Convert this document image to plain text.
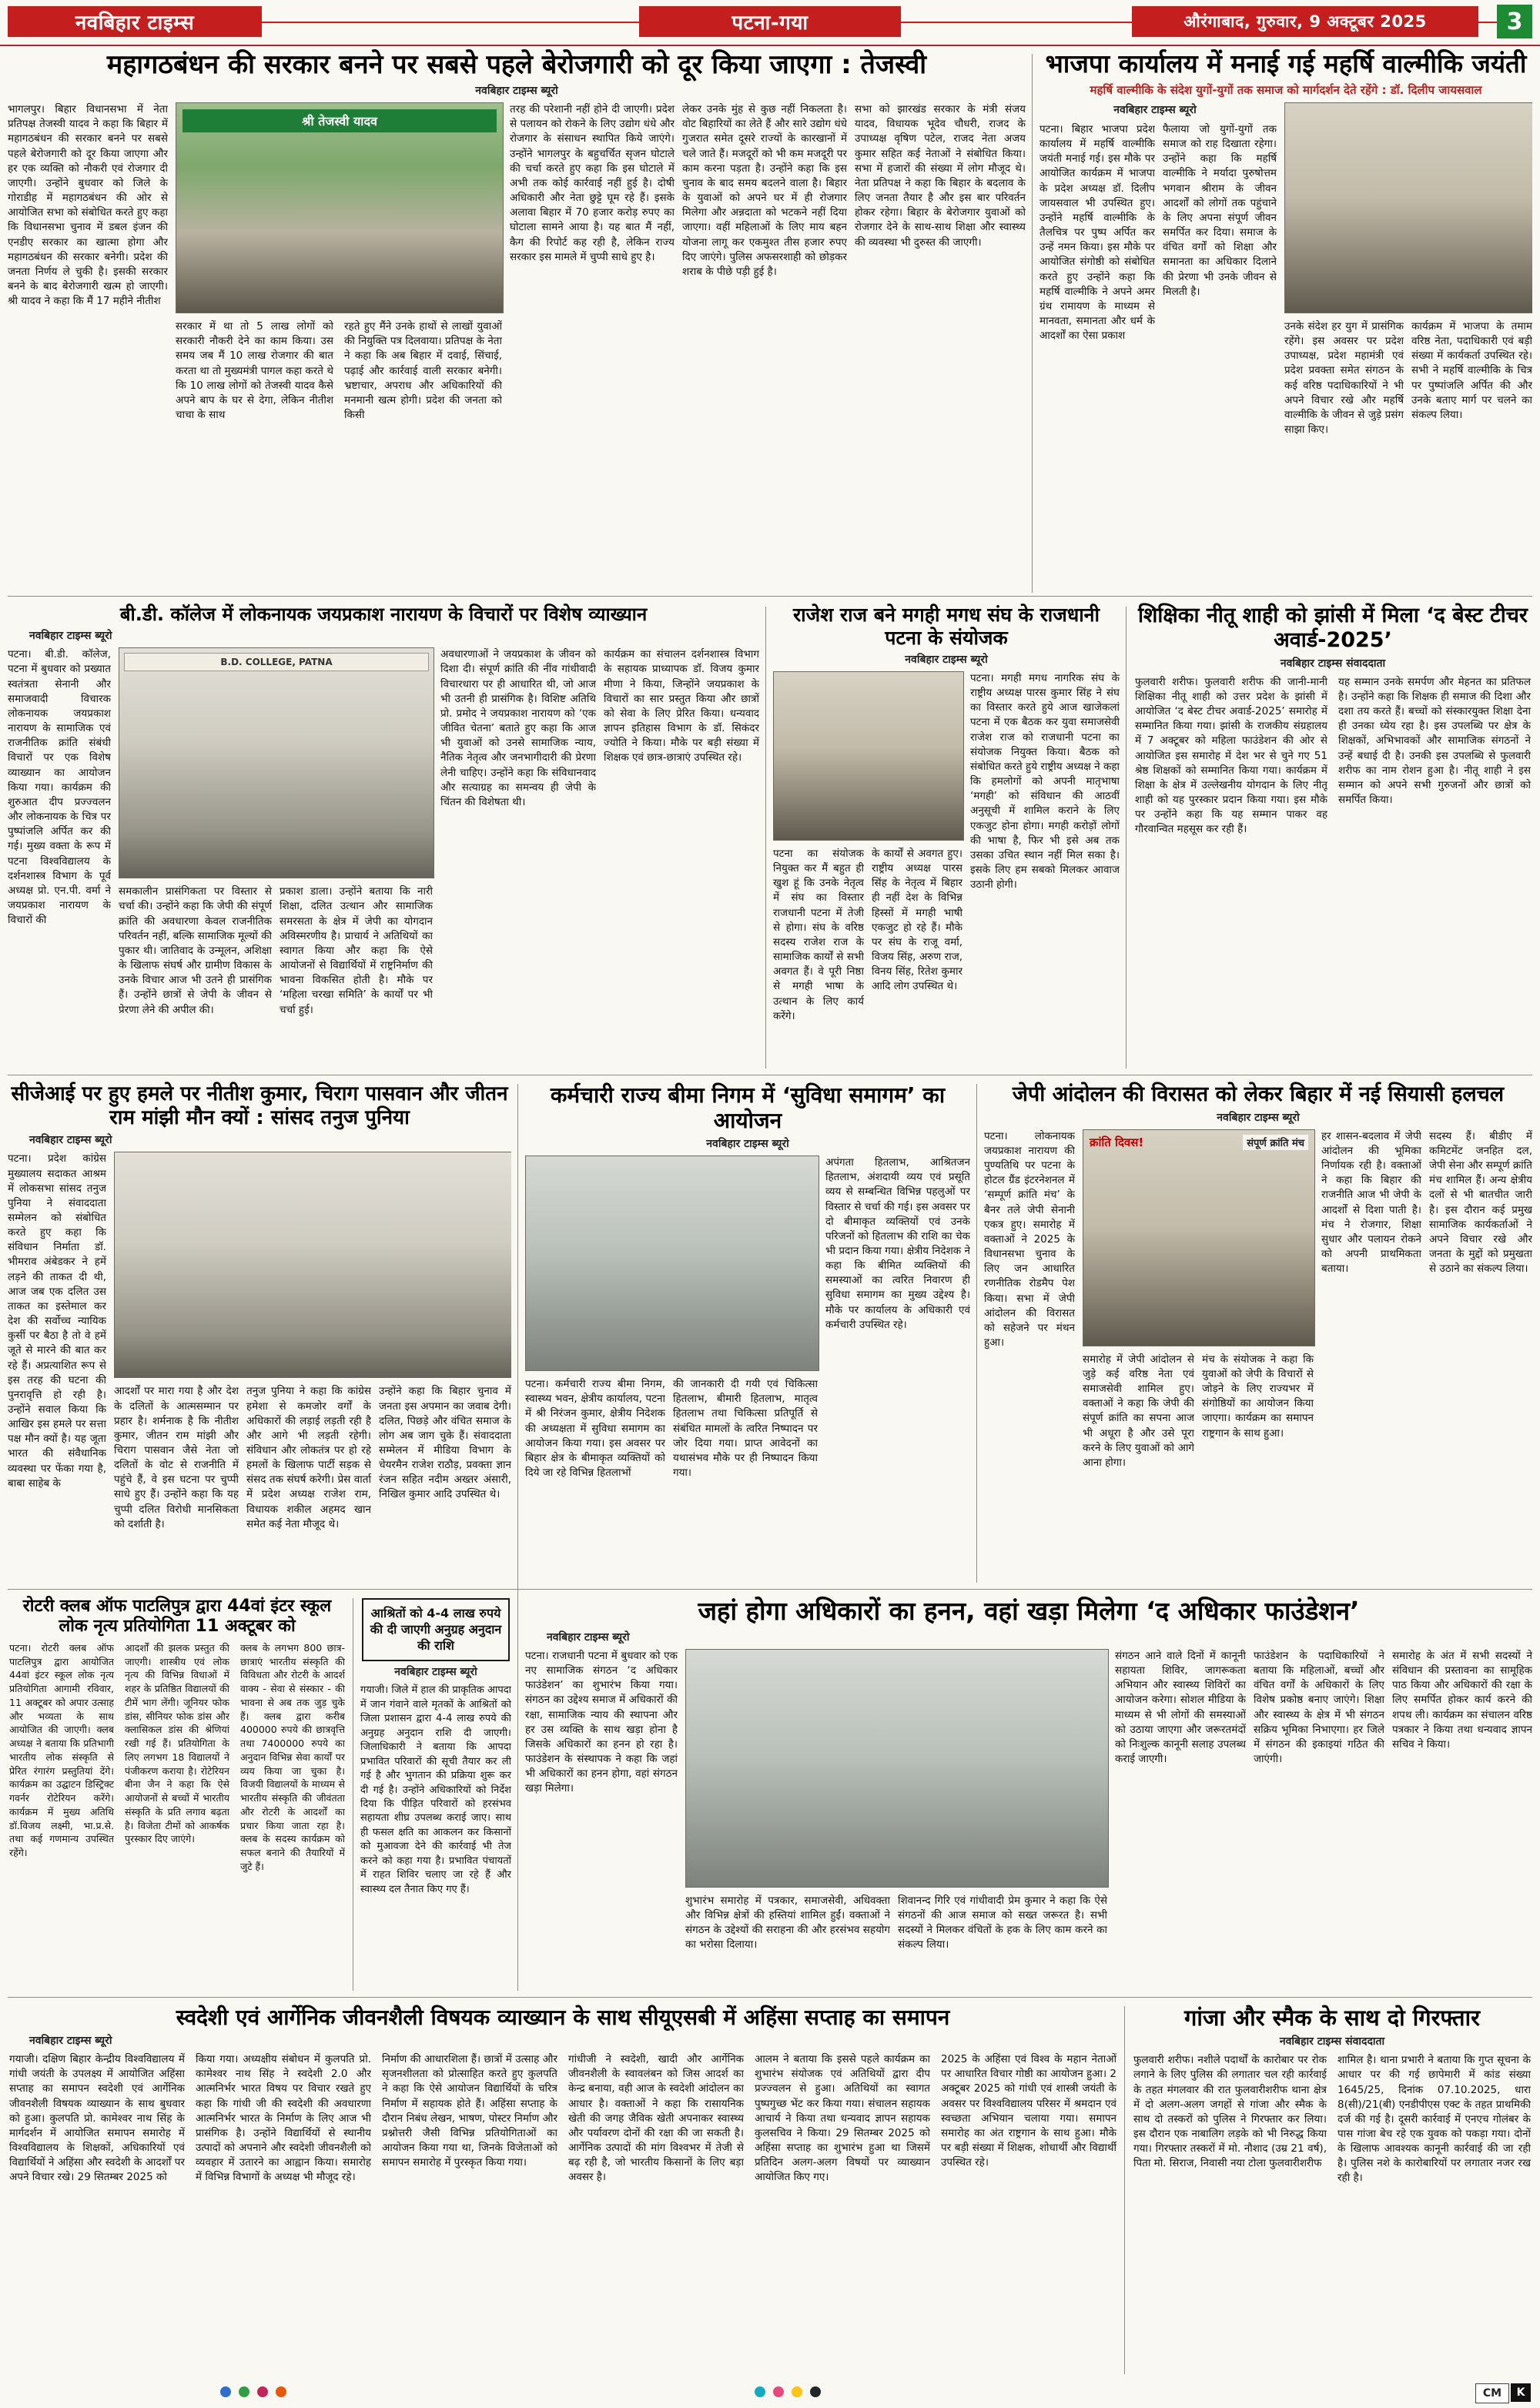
नवबिहार टाइम्स	पटना-गया	औरंगाबाद, गुरुवार, 9 अक्टूबर 2025	3
महागठबंधन की सरकार बनने पर सबसे पहले बेरोजगारी को दूर किया जाएगा : तेजस्वी
नवबिहार टाइम्स ब्यूरो
भागलपुर। बिहार विधानसभा में नेता प्रतिपक्ष तेजस्वी यादव ने कहा कि बिहार में महागठबंधन की सरकार बनने पर सबसे पहले बेरोजगारी को दूर किया जाएगा और हर एक व्यक्ति को नौकरी एवं रोजगार दी जाएगी। उन्होंने बुधवार को जिले के गोराडीह में महागठबंधन की ओर से आयोजित सभा को संबोधित करते हुए कहा कि विधानसभा चुनाव में डबल इंजन की एनडीए सरकार का खात्मा होगा और महागठबंधन की सरकार बनेगी। प्रदेश की जनता निर्णय ले चुकी है। इसकी सरकार बनने के बाद बेरोजगारी खत्म हो जाएगी। श्री यादव ने कहा कि मैं 17 महीने नीतीश
श्री तेजस्वी यादव
सरकार में था तो 5 लाख लोगों को सरकारी नौकरी देने का काम किया। उस समय जब मैं 10 लाख रोजगार की बात करता था तो मुख्यमंत्री पागल कहा करते थे कि 10 लाख लोगों को तेजस्वी यादव कैसे अपने बाप के घर से देगा, लेकिन नीतीश चाचा के साथ
रहते हुए मैंने उनके हाथों से लाखों युवाओं की नियुक्ति पत्र दिलवाया। प्रतिपक्ष के नेता ने कहा कि अब बिहार में दवाई, सिंचाई, पढ़ाई और कार्रवाई वाली सरकार बनेगी। भ्रष्टाचार, अपराध और अधिकारियों की मनमानी खत्म होगी। प्रदेश की जनता को किसी
तरह की परेशानी नहीं होने दी जाएगी। प्रदेश से पलायन को रोकने के लिए उद्योग धंधे और रोजगार के संसाधन स्थापित किये जाएंगे। उन्होंने भागलपुर के बहुचर्चित सृजन घोटाले की चर्चा करते हुए कहा कि इस घोटाले में अभी तक कोई कार्रवाई नहीं हुई है। दोषी अधिकारी और नेता छुट्टे घूम रहे हैं। इसके अलावा बिहार में 70 हजार करोड़ रुपए का घोटाला सामने आया है। यह बात मैं नहीं, कैग की रिपोर्ट कह रही है, लेकिन राज्य सरकार इस मामले में चुप्पी साधे हुए है।
लेकर उनके मुंह से कुछ नहीं निकलता है। वोट बिहारियों का लेते हैं और सारे उद्योग धंधे गुजरात समेत दूसरे राज्यों के कारखानों में चले जाते हैं। मजदूरों को भी कम मजदूरी पर काम करना पड़ता है। उन्होंने कहा कि इस चुनाव के बाद समय बदलने वाला है। बिहार के युवाओं को अपने घर में ही रोजगार मिलेगा और अन्नदाता को भटकने नहीं दिया जाएगा। वहीं महिलाओं के लिए माय बहन योजना लागू कर एकमुश्त तीस हजार रुपए दिए जाएंगे। पुलिस अफसरशाही को छोड़कर शराब के पीछे पड़ी हुई है।
सभा को झारखंड सरकार के मंत्री संजय यादव, विधायक भूदेव चौधरी, राजद के उपाध्यक्ष वृषिण पटेल, राजद नेता अजय कुमार सहित कई नेताओं ने संबोधित किया। सभा में हजारों की संख्या में लोग मौजूद थे। नेता प्रतिपक्ष ने कहा कि बिहार के बदलाव के लिए जनता तैयार है और इस बार परिवर्तन होकर रहेगा। बिहार के बेरोजगार युवाओं को रोजगार देने के साथ-साथ शिक्षा और स्वास्थ्य की व्यवस्था भी दुरुस्त की जाएगी।
भाजपा कार्यालय में मनाई गई महर्षि वाल्मीकि जयंती
महर्षि वाल्मीकि के संदेश युगों-युगों तक समाज को मार्गदर्शन देते रहेंगे : डॉ. दिलीप जायसवाल
नवबिहार टाइम्स ब्यूरो
पटना। बिहार भाजपा प्रदेश कार्यालय में महर्षि वाल्मीकि जयंती मनाई गई। इस मौके पर आयोजित कार्यक्रम में भाजपा के प्रदेश अध्यक्ष डॉ. दिलीप जायसवाल भी उपस्थित हुए। उन्होंने महर्षि वाल्मीकि के तैलचित्र पर पुष्प अर्पित कर उन्हें नमन किया। इस मौके पर आयोजित संगोष्ठी को संबोधित करते हुए उन्होंने कहा कि महर्षि वाल्मीकि ने अपने अमर ग्रंथ रामायण के माध्यम से मानवता, समानता और धर्म के आदर्शों का ऐसा प्रकाश
फैलाया जो युगों-युगों तक समाज को राह दिखाता रहेगा। उन्होंने कहा कि महर्षि वाल्मीकि ने मर्यादा पुरुषोत्तम भगवान श्रीराम के जीवन आदर्शों को लोगों तक पहुंचाने के लिए अपना संपूर्ण जीवन समर्पित कर दिया। समाज के वंचित वर्गों को शिक्षा और समानता का अधिकार दिलाने की प्रेरणा भी उनके जीवन से मिलती है।
उनके संदेश हर युग में प्रासंगिक रहेंगे। इस अवसर पर प्रदेश उपाध्यक्ष, प्रदेश महामंत्री एवं प्रदेश प्रवक्ता समेत संगठन के कई वरिष्ठ पदाधिकारियों ने भी अपने विचार रखे और महर्षि वाल्मीकि के जीवन से जुड़े प्रसंग साझा किए।
कार्यक्रम में भाजपा के तमाम वरिष्ठ नेता, पदाधिकारी एवं बड़ी संख्या में कार्यकर्ता उपस्थित रहे। सभी ने महर्षि वाल्मीकि के चित्र पर पुष्पांजलि अर्पित की और उनके बताए मार्ग पर चलने का संकल्प लिया।
बी.डी. कॉलेज में लोकनायक जयप्रकाश नारायण के विचारों पर विशेष व्याख्यान
नवबिहार टाइम्स ब्यूरो
पटना। बी.डी. कॉलेज, पटना में बुधवार को प्रख्यात स्वतंत्रता सेनानी और समाजवादी विचारक लोकनायक जयप्रकाश नारायण के सामाजिक एवं राजनीतिक क्रांति संबंधी विचारों पर एक विशेष व्याख्यान का आयोजन किया गया। कार्यक्रम की शुरुआत दीप प्रज्ज्वलन और लोकनायक के चित्र पर पुष्पांजलि अर्पित कर की गई। मुख्य वक्ता के रूप में पटना विश्वविद्यालय के दर्शनशास्त्र विभाग के पूर्व अध्यक्ष प्रो. एन.पी. वर्मा ने जयप्रकाश नारायण के विचारों की
B.D. COLLEGE, PATNA
समकालीन प्रासंगिकता पर विस्तार से चर्चा की। उन्होंने कहा कि जेपी की संपूर्ण क्रांति की अवधारणा केवल राजनीतिक परिवर्तन नहीं, बल्कि सामाजिक मूल्यों की पुकार थी। जातिवाद के उन्मूलन, अशिक्षा के खिलाफ संघर्ष और ग्रामीण विकास के उनके विचार आज भी उतने ही प्रासंगिक हैं। उन्होंने छात्रों से जेपी के जीवन से प्रेरणा लेने की अपील की।
प्रकाश डाला। उन्होंने बताया कि नारी शिक्षा, दलित उत्थान और सामाजिक समरसता के क्षेत्र में जेपी का योगदान अविस्मरणीय है। प्राचार्य ने अतिथियों का स्वागत किया और कहा कि ऐसे आयोजनों से विद्यार्थियों में राष्ट्रनिर्माण की भावना विकसित होती है। मौके पर ‘महिला चरखा समिति’ के कार्यों पर भी चर्चा हुई।
अवधारणाओं ने जयप्रकाश के जीवन को दिशा दी। संपूर्ण क्रांति की नींव गांधीवादी विचारधारा पर ही आधारित थी, जो आज भी उतनी ही प्रासंगिक है। विशिष्ट अतिथि प्रो. प्रमोद ने जयप्रकाश नारायण को ‘एक जीवित चेतना’ बताते हुए कहा कि आज भी युवाओं को उनसे सामाजिक न्याय, नैतिक नेतृत्व और जनभागीदारी की प्रेरणा लेनी चाहिए। उन्होंने कहा कि संविधानवाद और सत्याग्रह का समन्वय ही जेपी के चिंतन की विशेषता थी।
कार्यक्रम का संचालन दर्शनशास्त्र विभाग के सहायक प्राध्यापक डॉ. विजय कुमार मीणा ने किया, जिन्होंने जयप्रकाश के विचारों का सार प्रस्तुत किया और छात्रों को सेवा के लिए प्रेरित किया। धन्यवाद ज्ञापन इतिहास विभाग के डॉ. सिकंदर ज्योति ने किया। मौके पर बड़ी संख्या में शिक्षक एवं छात्र-छात्राएं उपस्थित रहे।
राजेश राज बने मगही मगध संघ के राजधानी पटना के संयोजक
नवबिहार टाइम्स ब्यूरो
पटना। मगही मगध नागरिक संघ के राष्ट्रीय अध्यक्ष पारस कुमार सिंह ने संघ का विस्तार करते हुये आज खाजेकलां पटना में एक बैठक कर युवा समाजसेवी राजेश राज को राजधानी पटना का संयोजक नियुक्त किया। बैठक को संबोधित करते हुये राष्ट्रीय अध्यक्ष ने कहा कि हमलोगों को अपनी मातृभाषा ‘मगही’ को संविधान की आठवीं अनुसूची में शामिल कराने के लिए एकजुट होना होगा। मगही करोड़ों लोगों की भाषा है, फिर भी इसे अब तक उसका उचित स्थान नहीं मिल सका है। इसके लिए हम सबको मिलकर आवाज उठानी होगी।
पटना का संयोजक नियुक्त कर मैं बहुत ही खुश हूं कि उनके नेतृत्व में संघ का विस्तार राजधानी पटना में तेजी से होगा। संघ के वरिष्ठ सदस्य राजेश राज के सामाजिक कार्यों से सभी अवगत हैं। वे पूरी निष्ठा से मगही भाषा के उत्थान के लिए कार्य करेंगे।
के कार्यों से अवगत हुए। राष्ट्रीय अध्यक्ष पारस सिंह के नेतृत्व में बिहार ही नहीं देश के विभिन्न हिस्सों में मगही भाषी एकजुट हो रहे हैं। मौके पर संघ के राजू वर्मा, विजय सिंह, अरुण राज, विनय सिंह, रितेश कुमार आदि लोग उपस्थित थे।
शिक्षिका नीतू शाही को झांसी में मिला ‘द बेस्ट टीचर अवार्ड-2025’
नवबिहार टाइम्स संवाददाता
फुलवारी शरीफ। फुलवारी शरीफ की जानी-मानी शिक्षिका नीतू शाही को उत्तर प्रदेश के झांसी में आयोजित ‘द बेस्ट टीचर अवार्ड-2025’ समारोह में सम्मानित किया गया। झांसी के राजकीय संग्रहालय में 7 अक्टूबर को महिला फाउंडेशन की ओर से आयोजित इस समारोह में देश भर से चुने गए 51 श्रेष्ठ शिक्षकों को सम्मानित किया गया। कार्यक्रम में शिक्षा के क्षेत्र में उल्लेखनीय योगदान के लिए नीतू शाही को यह पुरस्कार प्रदान किया गया। इस मौके पर उन्होंने कहा कि यह सम्मान पाकर वह गौरवान्वित महसूस कर रही हैं।
यह सम्मान उनके समर्पण और मेहनत का प्रतिफल है। उन्होंने कहा कि शिक्षक ही समाज की दिशा और दशा तय करते हैं। बच्चों को संस्कारयुक्त शिक्षा देना ही उनका ध्येय रहा है। इस उपलब्धि पर क्षेत्र के शिक्षकों, अभिभावकों और सामाजिक संगठनों ने उन्हें बधाई दी है। उनकी इस उपलब्धि से फुलवारी शरीफ का नाम रोशन हुआ है। नीतू शाही ने इस सम्मान को अपने सभी गुरुजनों और छात्रों को समर्पित किया।
सीजेआई पर हुए हमले पर नीतीश कुमार, चिराग पासवान और जीतन राम मांझी मौन क्यों : सांसद तनुज पुनिया
नवबिहार टाइम्स ब्यूरो
पटना। प्रदेश कांग्रेस मुख्यालय सदाकत आश्रम में लोकसभा सांसद तनुज पुनिया ने संवाददाता सम्मेलन को संबोधित करते हुए कहा कि संविधान निर्माता डॉ. भीमराव अंबेडकर ने हमें लड़ने की ताकत दी थी, आज जब एक दलित उस ताकत का इस्तेमाल कर देश की सर्वोच्च न्यायिक कुर्सी पर बैठा है तो वे हमें जूते से मारने की बात कर रहे हैं। अप्रत्याशित रूप से इस तरह की घटना की पुनरावृत्ति हो रही है। उन्होंने सवाल किया कि आखिर इस हमले पर सत्ता पक्ष मौन क्यों है। यह जूता भारत की संवैधानिक व्यवस्था पर फेंका गया है, बाबा साहेब के
आदर्शों पर मारा गया है और देश के दलितों के आत्मसम्मान पर प्रहार है। शर्मनाक है कि नीतीश कुमार, जीतन राम मांझी और चिराग पासवान जैसे नेता जो दलितों के वोट से राजनीति में पहुंचे हैं, वे इस घटना पर चुप्पी साधे हुए हैं। उन्होंने कहा कि यह चुप्पी दलित विरोधी मानसिकता को दर्शाती है।
तनुज पुनिया ने कहा कि कांग्रेस हमेशा से कमजोर वर्गों के अधिकारों की लड़ाई लड़ती रही है और आगे भी लड़ती रहेगी। संविधान और लोकतंत्र पर हो रहे हमलों के खिलाफ पार्टी सड़क से संसद तक संघर्ष करेगी। प्रेस वार्ता में प्रदेश अध्यक्ष राजेश राम, विधायक शकील अहमद खान समेत कई नेता मौजूद थे।
उन्होंने कहा कि बिहार चुनाव में जनता इस अपमान का जवाब देगी। दलित, पिछड़े और वंचित समाज के लोग अब जाग चुके हैं। संवाददाता सम्मेलन में मीडिया विभाग के चेयरमैन राजेश राठौड़, प्रवक्ता ज्ञान रंजन सहित नदीम अख्तर अंसारी, निखिल कुमार आदि उपस्थित थे।
कर्मचारी राज्य बीमा निगम में ‘सुविधा समागम’ का आयोजन
नवबिहार टाइम्स ब्यूरो
अपंगता हितलाभ, आश्रितजन हितलाभ, अंशदायी व्यय एवं प्रसूति व्यय से सम्बन्धित विभिन्न पहलुओं पर विस्तार से चर्चा की गई। इस अवसर पर दो बीमाकृत व्यक्तियों एवं उनके परिजनों को हितलाभ की राशि का चेक भी प्रदान किया गया। क्षेत्रीय निदेशक ने कहा कि बीमित व्यक्तियों की समस्याओं का त्वरित निवारण ही सुविधा समागम का मुख्य उद्देश्य है। मौके पर कार्यालय के अधिकारी एवं कर्मचारी उपस्थित रहे।
पटना। कर्मचारी राज्य बीमा निगम, स्वास्थ्य भवन, क्षेत्रीय कार्यालय, पटना में श्री निरंजन कुमार, क्षेत्रीय निदेशक की अध्यक्षता में सुविधा समागम का आयोजन किया गया। इस अवसर पर बिहार क्षेत्र के बीमाकृत व्यक्तियों को दिये जा रहे विभिन्न हितलाभों
की जानकारी दी गयी एवं चिकित्सा हितलाभ, बीमारी हितलाभ, मातृत्व हितलाभ तथा चिकित्सा प्रतिपूर्ति से संबंधित मामलों के त्वरित निष्पादन पर जोर दिया गया। प्राप्त आवेदनों का यथासंभव मौके पर ही निष्पादन किया गया।
जेपी आंदोलन की विरासत को लेकर बिहार में नई सियासी हलचल
नवबिहार टाइम्स ब्यूरो
पटना। लोकनायक जयप्रकाश नारायण की पुण्यतिथि पर पटना के होटल ग्रैंड इंटरनेशनल में ‘सम्पूर्ण क्रांति मंच’ के बैनर तले जेपी सेनानी एकत्र हुए। समारोह में वक्ताओं ने 2025 के विधानसभा चुनाव के लिए जन आधारित रणनीतिक रोडमैप पेश किया। सभा में जेपी आंदोलन की विरासत को सहेजने पर मंथन हुआ।
क्रांति दिवस!	संपूर्ण क्रांति मंच
हर शासन-बदलाव में जेपी आंदोलन की भूमिका निर्णायक रही है। वक्ताओं ने कहा कि बिहार की राजनीति आज भी जेपी के आदर्शों से दिशा पाती है। मंच ने रोजगार, शिक्षा सुधार और पलायन रोकने को अपनी प्राथमिकता बताया।
सदस्य हैं। बीडीए में कमिटमेंट जनहित दल, जेपी सेना और सम्पूर्ण क्रांति मंच शामिल हैं। अन्य क्षेत्रीय दलों से भी बातचीत जारी है। इस दौरान कई प्रमुख सामाजिक कार्यकर्ताओं ने अपने विचार रखे और जनता के मुद्दों को प्रमुखता से उठाने का संकल्प लिया।
समारोह में जेपी आंदोलन से जुड़े कई वरिष्ठ नेता एवं समाजसेवी शामिल हुए। वक्ताओं ने कहा कि जेपी की संपूर्ण क्रांति का सपना आज भी अधूरा है और उसे पूरा करने के लिए युवाओं को आगे आना होगा।
मंच के संयोजक ने कहा कि युवाओं को जेपी के विचारों से जोड़ने के लिए राज्यभर में संगोष्ठियों का आयोजन किया जाएगा। कार्यक्रम का समापन राष्ट्रगान के साथ हुआ।
रोटरी क्लब ऑफ पाटलिपुत्र द्वारा 44वां इंटर स्कूल लोक नृत्य प्रतियोगिता 11 अक्टूबर को
पटना। रोटरी क्लब ऑफ पाटलिपुत्र द्वारा आयोजित 44वां इंटर स्कूल लोक नृत्य प्रतियोगिता आगामी रविवार, 11 अक्टूबर को अपार उत्साह और भव्यता के साथ आयोजित की जाएगी। क्लब अध्यक्ष ने बताया कि प्रतिभागी भारतीय लोक संस्कृति से प्रेरित रंगारंग प्रस्तुतियां देंगे। कार्यक्रम का उद्घाटन डिस्ट्रिक्ट गवर्नर रोटेरियन करेंगे। कार्यक्रम में मुख्य अतिथि डॉ.विजय लक्ष्मी, भा.प्र.से. तथा कई गणमान्य उपस्थित रहेंगे।
आदर्शों की झलक प्रस्तुत की जाएगी। शास्त्रीय एवं लोक नृत्य की विभिन्न विधाओं में शहर के प्रतिष्ठित विद्यालयों की टीमें भाग लेंगी। जूनियर फोक डांस, सीनियर फोक डांस और क्लासिकल डांस की श्रेणियां रखी गई हैं। प्रतियोगिता के लिए लगभग 18 विद्यालयों ने पंजीकरण कराया है। रोटेरियन बीना जैन ने कहा कि ऐसे आयोजनों से बच्चों में भारतीय संस्कृति के प्रति लगाव बढ़ता है। विजेता टीमों को आकर्षक पुरस्कार दिए जाएंगे।
क्लब के लगभग 800 छात्र-छात्राएं भारतीय संस्कृति की विविधता और रोटरी के आदर्श वाक्य - सेवा से संस्कार - की भावना से अब तक जुड़ चुके हैं। क्लब द्वारा करीब 400000 रुपये की छात्रवृत्ति तथा 7400000 रुपये का अनुदान विभिन्न सेवा कार्यों पर व्यय किया जा चुका है। विजयी विद्यालयों के माध्यम से भारतीय संस्कृति की जीवंतता और रोटरी के आदर्शों का प्रचार किया जाता रहा है। क्लब के सदस्य कार्यक्रम को सफल बनाने की तैयारियों में जुटे हैं।
आश्रितों को 4-4 लाख रुपये की दी जाएगी अनुग्रह अनुदान की राशि
नवबिहार टाइम्स ब्यूरो
गयाजी। जिले में हाल की प्राकृतिक आपदा में जान गंवाने वाले मृतकों के आश्रितों को जिला प्रशासन द्वारा 4-4 लाख रुपये की अनुग्रह अनुदान राशि दी जाएगी। जिलाधिकारी ने बताया कि आपदा प्रभावित परिवारों की सूची तैयार कर ली गई है और भुगतान की प्रक्रिया शुरू कर दी गई है। उन्होंने अधिकारियों को निर्देश दिया कि पीड़ित परिवारों को हरसंभव सहायता शीघ्र उपलब्ध कराई जाए। साथ ही फसल क्षति का आकलन कर किसानों को मुआवजा देने की कार्रवाई भी तेज करने को कहा गया है। प्रभावित पंचायतों में राहत शिविर चलाए जा रहे हैं और स्वास्थ्य दल तैनात किए गए हैं।
जहां होगा अधिकारों का हनन, वहां खड़ा मिलेगा ‘द अधिकार फाउंडेशन’
नवबिहार टाइम्स ब्यूरो
पटना। राजधानी पटना में बुधवार को एक नए सामाजिक संगठन ‘द अधिकार फाउंडेशन’ का शुभारंभ किया गया। संगठन का उद्देश्य समाज में अधिकारों की रक्षा, सामाजिक न्याय की स्थापना और हर उस व्यक्ति के साथ खड़ा होना है जिसके अधिकारों का हनन हो रहा है। फाउंडेशन के संस्थापक ने कहा कि जहां भी अधिकारों का हनन होगा, वहां संगठन खड़ा मिलेगा।
शुभारंभ समारोह में पत्रकार, समाजसेवी, अधिवक्ता और विभिन्न क्षेत्रों की हस्तियां शामिल हुईं। वक्ताओं ने संगठन के उद्देश्यों की सराहना की और हरसंभव सहयोग का भरोसा दिलाया।
शिवानन्द गिरि एवं गांधीवादी प्रेम कुमार ने कहा कि ऐसे संगठनों की आज समाज को सख्त जरूरत है। सभी सदस्यों ने मिलकर वंचितों के हक के लिए काम करने का संकल्प लिया।
संगठन आने वाले दिनों में कानूनी सहायता शिविर, जागरूकता अभियान और स्वास्थ्य शिविरों का आयोजन करेगा। सोशल मीडिया के माध्यम से भी लोगों की समस्याओं को उठाया जाएगा और जरूरतमंदों को निःशुल्क कानूनी सलाह उपलब्ध कराई जाएगी।
फाउंडेशन के पदाधिकारियों ने बताया कि महिलाओं, बच्चों और वंचित वर्गों के अधिकारों के लिए विशेष प्रकोष्ठ बनाए जाएंगे। शिक्षा और स्वास्थ्य के क्षेत्र में भी संगठन सक्रिय भूमिका निभाएगा। हर जिले में संगठन की इकाइयां गठित की जाएंगी।
समारोह के अंत में सभी सदस्यों ने संविधान की प्रस्तावना का सामूहिक पाठ किया और अधिकारों की रक्षा के लिए समर्पित होकर कार्य करने की शपथ ली। कार्यक्रम का संचालन वरिष्ठ पत्रकार ने किया तथा धन्यवाद ज्ञापन सचिव ने किया।
स्वदेशी एवं आर्गेनिक जीवनशैली विषयक व्याख्यान के साथ सीयूएसबी में अहिंसा सप्ताह का समापन
नवबिहार टाइम्स ब्यूरो
गयाजी। दक्षिण बिहार केन्द्रीय विश्वविद्यालय में गांधी जयंती के उपलक्ष्य में आयोजित अहिंसा सप्ताह का समापन स्वदेशी एवं आर्गेनिक जीवनशैली विषयक व्याख्यान के साथ बुधवार को हुआ। कुलपति प्रो. कामेश्वर नाथ सिंह के मार्गदर्शन में आयोजित समापन समारोह में विश्वविद्यालय के शिक्षकों, अधिकारियों एवं विद्यार्थियों ने अहिंसा और स्वदेशी के आदर्शों पर अपने विचार रखे। 29 सितम्बर 2025 को
किया गया। अध्यक्षीय संबोधन में कुलपति प्रो. कामेश्वर नाथ सिंह ने स्वदेशी 2.0 और आत्मनिर्भर भारत विषय पर विचार रखते हुए कहा कि गांधी जी की स्वदेशी की अवधारणा आत्मनिर्भर भारत के निर्माण के लिए आज भी प्रासंगिक है। उन्होंने विद्यार्थियों से स्थानीय उत्पादों को अपनाने और स्वदेशी जीवनशैली को व्यवहार में उतारने का आह्वान किया। समारोह में विभिन्न विभागों के अध्यक्ष भी मौजूद रहे।
निर्माण की आधारशिला हैं। छात्रों में उत्साह और सृजनशीलता को प्रोत्साहित करते हुए कुलपति ने कहा कि ऐसे आयोजन विद्यार्थियों के चरित्र निर्माण में सहायक होते हैं। अहिंसा सप्ताह के दौरान निबंध लेखन, भाषण, पोस्टर निर्माण और प्रश्नोत्तरी जैसी विभिन्न प्रतियोगिताओं का आयोजन किया गया था, जिनके विजेताओं को समापन समारोह में पुरस्कृत किया गया।
गांधीजी ने स्वदेशी, खादी और आर्गेनिक जीवनशैली के स्वावलंबन को जिस आदर्श का केन्द्र बनाया, वही आज के स्वदेशी आंदोलन का आधार है। वक्ताओं ने कहा कि रासायनिक खेती की जगह जैविक खेती अपनाकर स्वास्थ्य और पर्यावरण दोनों की रक्षा की जा सकती है। आर्गेनिक उत्पादों की मांग विश्वभर में तेजी से बढ़ रही है, जो भारतीय किसानों के लिए बड़ा अवसर है।
आलम ने बताया कि इससे पहले कार्यक्रम का शुभारंभ संयोजक एवं अतिथियों द्वारा दीप प्रज्ज्वलन से हुआ। अतिथियों का स्वागत पुष्पगुच्छ भेंट कर किया गया। संचालन सहायक आचार्य ने किया तथा धन्यवाद ज्ञापन सहायक कुलसचिव ने किया। 29 सितम्बर 2025 को अहिंसा सप्ताह का शुभारंभ हुआ था जिसमें प्रतिदिन अलग-अलग विषयों पर व्याख्यान आयोजित किए गए।
2025 के अहिंसा एवं विश्व के महान नेताओं पर आधारित विचार गोष्ठी का आयोजन हुआ। 2 अक्टूबर 2025 को गांधी एवं शास्त्री जयंती के अवसर पर विश्वविद्यालय परिसर में श्रमदान एवं स्वच्छता अभियान चलाया गया। समापन समारोह का अंत राष्ट्रगान के साथ हुआ। मौके पर बड़ी संख्या में शिक्षक, शोधार्थी और विद्यार्थी उपस्थित रहे।
गांजा और स्मैक के साथ दो गिरफ्तार
नवबिहार टाइम्स संवाददाता
फुलवारी शरीफ। नशीले पदार्थों के कारोबार पर रोक लगाने के लिए पुलिस की लगातार चल रही कार्रवाई के तहत मंगलवार की रात फुलवारीशरीफ थाना क्षेत्र में दो अलग-अलग जगहों से गांजा और स्मैक के साथ दो तस्करों को पुलिस ने गिरफ्तार कर लिया। इस दौरान एक नाबालिग लड़के को भी निरुद्ध किया गया। गिरफ्तार तस्करों में मो. नौशाद (उम्र 21 वर्ष), पिता मो. सिराज, निवासी नया टोला फुलवारीशरीफ
शामिल है। थाना प्रभारी ने बताया कि गुप्त सूचना के आधार पर की गई छापेमारी में कांड संख्या 1645/25, दिनांक 07.10.2025, धारा 8(सी)/21(बी) एनडीपीएस एक्ट के तहत प्राथमिकी दर्ज की गई है। दूसरी कार्रवाई में एनएच गोलंबर के पास गांजा बेच रहे एक युवक को पकड़ा गया। दोनों के खिलाफ आवश्यक कानूनी कार्रवाई की जा रही है। पुलिस नशे के कारोबारियों पर लगातार नजर रख रही है।
CM	K
